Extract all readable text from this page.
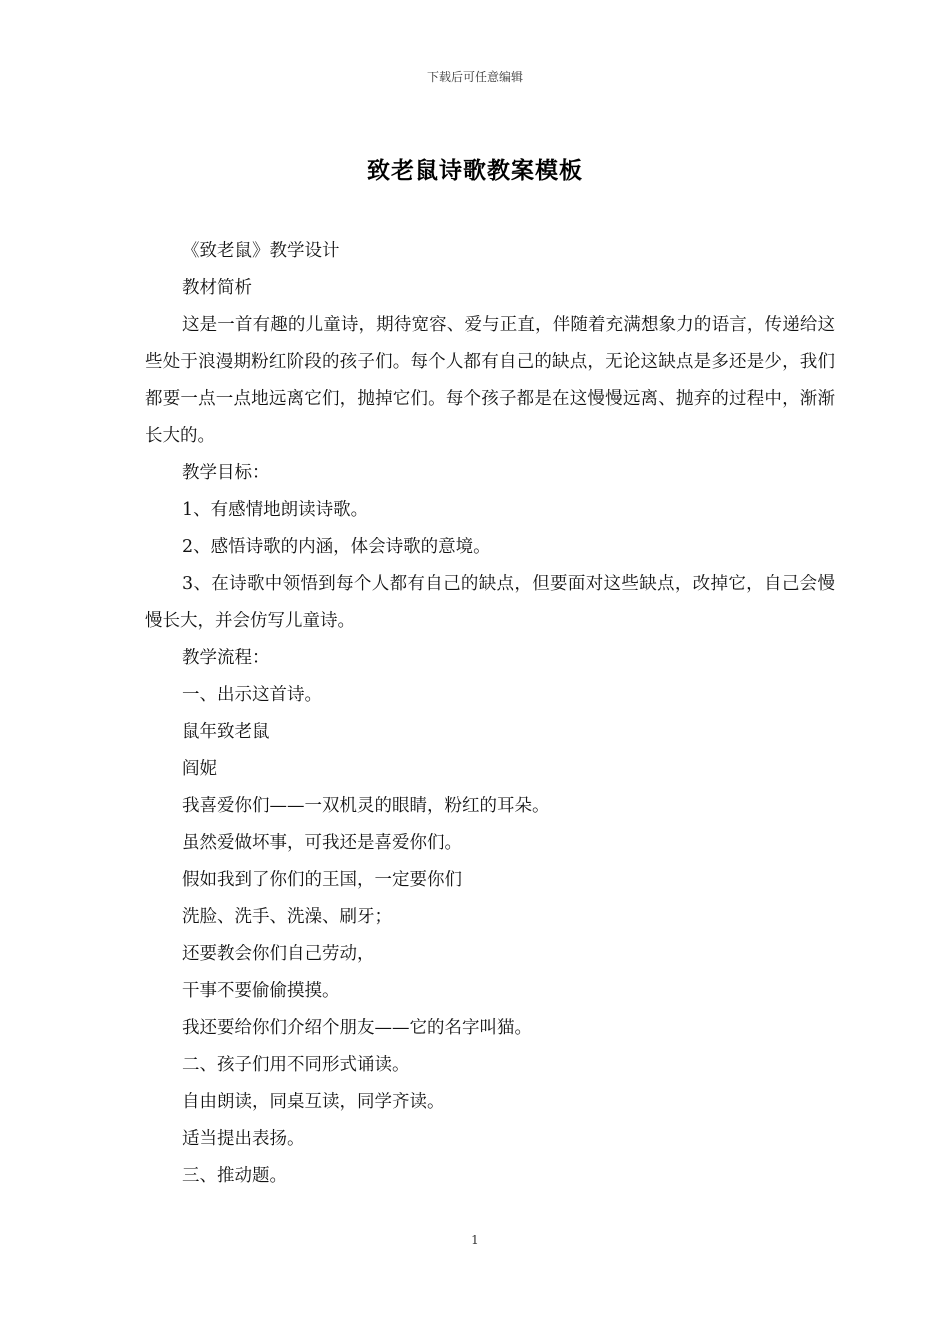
下载后可任意编辑
致老鼠诗歌教案模板

《致老鼠》教学设计

教材简析

这是一首有趣的儿童诗，期待宽容、爱与正直，伴随着充满想象力的语言，传递给这些处于浪漫期粉红阶段的孩子们。每个人都有自己的缺点，无论这缺点是多还是少，我们都要一点一点地远离它们，抛掉它们。每个孩子都是在这慢慢远离、抛弃的过程中，渐渐长大的。

教学目标：

1、有感情地朗读诗歌。

2、感悟诗歌的内涵，体会诗歌的意境。

3、在诗歌中领悟到每个人都有自己的缺点，但要面对这些缺点，改掉它，自己会慢慢长大，并会仿写儿童诗。

教学流程：

一、出示这首诗。

鼠年致老鼠

阎妮

我喜爱你们——一双机灵的眼睛，粉红的耳朵。

虽然爱做坏事，可我还是喜爱你们。

假如我到了你们的王国，一定要你们

洗脸、洗手、洗澡、刷牙；

还要教会你们自己劳动，

干事不要偷偷摸摸。

我还要给你们介绍个朋友——它的名字叫猫。

二、孩子们用不同形式诵读。

自由朗读，同桌互读，同学齐读。

适当提出表扬。

三、推动题。

1
